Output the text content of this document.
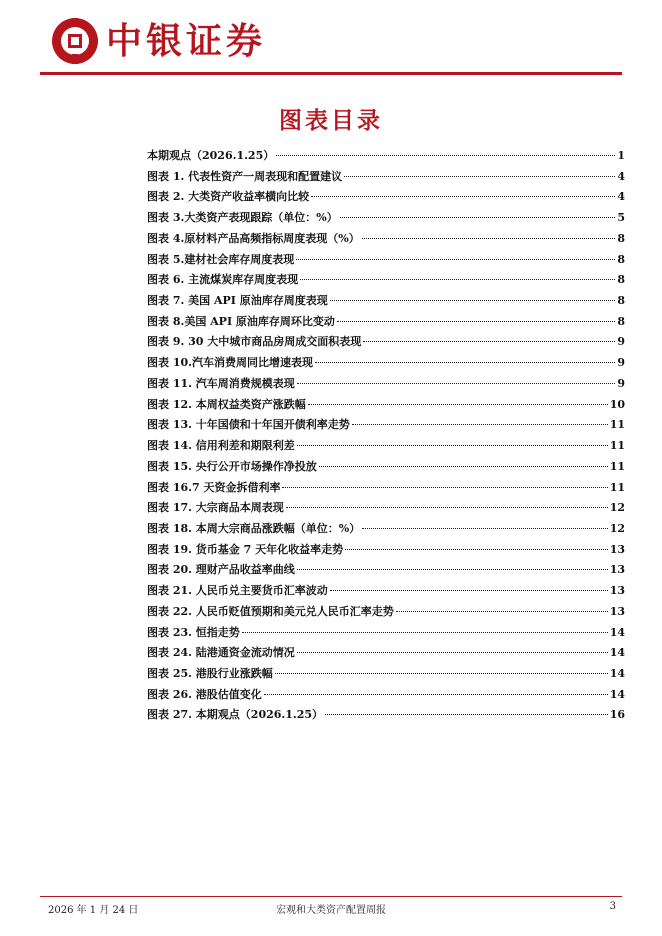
中银证券
图表目录
本期观点（2026.1.25）	1
图表 1. 代表性资产一周表现和配置建议	4
图表 2. 大类资产收益率横向比较	4
图表 3.大类资产表现跟踪（单位：%）	5
图表 4.原材料产品高频指标周度表现（%）	8
图表 5.建材社会库存周度表现	8
图表 6. 主流煤炭库存周度表现	8
图表 7. 美国 API 原油库存周度表现	8
图表 8.美国 API 原油库存周环比变动	8
图表 9. 30 大中城市商品房周成交面积表现	9
图表 10.汽车消费周同比增速表现	9
图表 11. 汽车周消费规模表现	9
图表 12. 本周权益类资产涨跌幅	10
图表 13. 十年国债和十年国开债利率走势	11
图表 14. 信用利差和期限利差	11
图表 15. 央行公开市场操作净投放	11
图表 16.7 天资金拆借利率	11
图表 17. 大宗商品本周表现	12
图表 18. 本周大宗商品涨跌幅（单位：%）	12
图表 19. 货币基金 7 天年化收益率走势	13
图表 20. 理财产品收益率曲线	13
图表 21. 人民币兑主要货币汇率波动	13
图表 22. 人民币贬值预期和美元兑人民币汇率走势	13
图表 23. 恒指走势	14
图表 24. 陆港通资金流动情况	14
图表 25. 港股行业涨跌幅	14
图表 26. 港股估值变化	14
图表 27. 本期观点（2026.1.25）	16
2026 年 1 月 24 日	宏观和大类资产配置周报	3
